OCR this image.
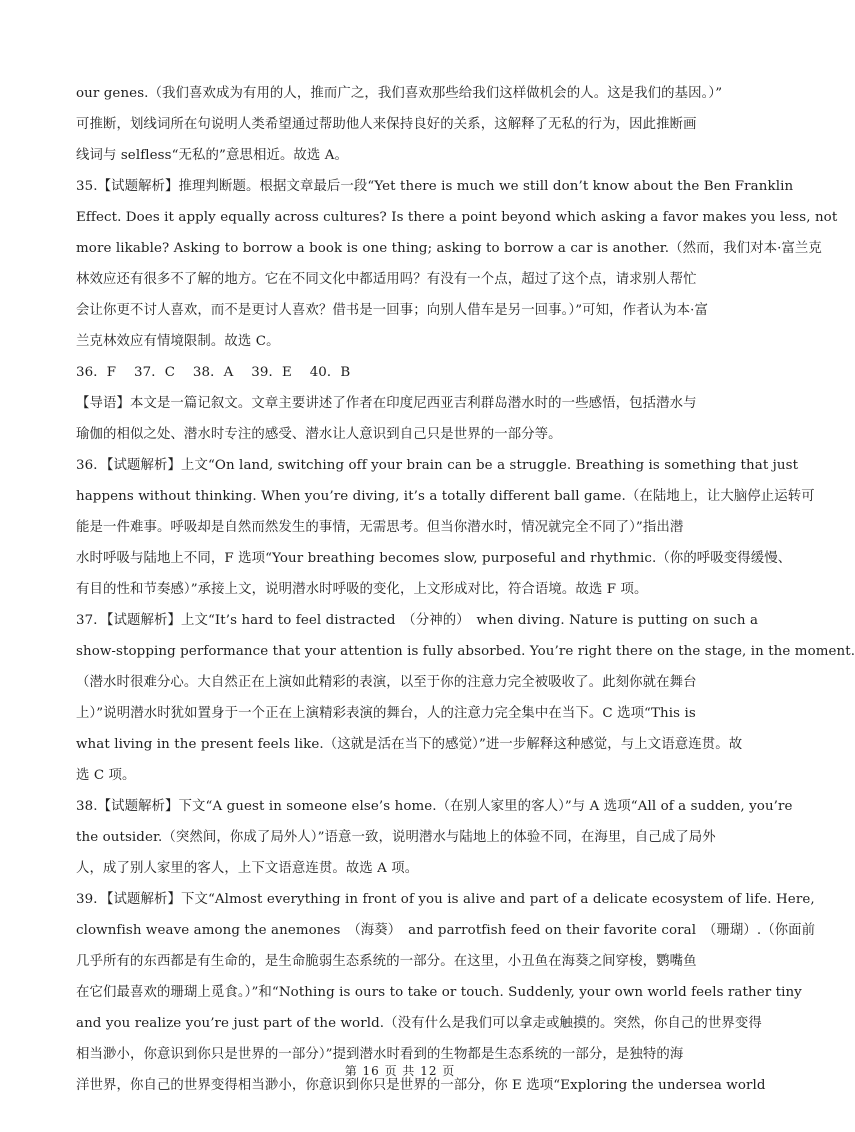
our genes.（我们喜欢成为有用的人，推而广之，我们喜欢那些给我们这样做机会的人。这是我们的基因。）”
可推断，划线词所在句说明人类希望通过帮助他人来保持良好的关系，这解释了无私的行为，因此推断画
线词与 selfless“无私的”意思相近。故选 A。
35.【试题解析】推理判断题。根据文章最后一段“Yet there is much we still don’t know about the Ben Franklin
Effect. Does it apply equally across cultures? Is there a point beyond which asking a favor makes you less, not
more likable? Asking to borrow a book is one thing; asking to borrow a car is another.（然而，我们对本·富兰克
林效应还有很多不了解的地方。它在不同文化中都适用吗？有没有一个点，超过了这个点，请求别人帮忙
会让你更不讨人喜欢，而不是更讨人喜欢？借书是一回事；向别人借车是另一回事。）”可知，作者认为本·富
兰克林效应有情境限制。故选 C。
36．F　 37．C　 38．A　 39．E　 40．B
【导语】本文是一篇记叙文。文章主要讲述了作者在印度尼西亚吉利群岛潜水时的一些感悟，包括潜水与
瑜伽的相似之处、潜水时专注的感受、潜水让人意识到自己只是世界的一部分等。
36．【试题解析】上文“On land, switching off your brain can be a struggle. Breathing is something that just
happens without thinking. When you’re diving, it’s a totally different ball game.（在陆地上，让大脑停止运转可
能是一件难事。呼吸却是自然而然发生的事情，无需思考。但当你潜水时，情况就完全不同了）”指出潜
水时呼吸与陆地上不同，F 选项“Your breathing becomes slow, purposeful and rhythmic.（你的呼吸变得缓慢、
有目的性和节奏感）”承接上文，说明潜水时呼吸的变化，上文形成对比，符合语境。故选 F 项。
37．【试题解析】上文“It’s hard to feel distracted　（分神的）　when diving. Nature is putting on such a
show-stopping performance that your attention is fully absorbed. You’re right there on the stage, in the moment.
（潜水时很难分心。大自然正在上演如此精彩的表演，以至于你的注意力完全被吸收了。此刻你就在舞台
上）”说明潜水时犹如置身于一个正在上演精彩表演的舞台，人的注意力完全集中在当下。C 选项“This is
what living in the present feels like.（这就是活在当下的感觉）”进一步解释这种感觉，与上文语意连贯。故
选 C 项。
38.【试题解析】下文“A guest in someone else’s home.（在别人家里的客人）”与 A 选项“All of a sudden, you’re
the outsider.（突然间，你成了局外人）”语意一致，说明潜水与陆地上的体验不同，在海里，自己成了局外
人，成了别人家里的客人，上下文语意连贯。故选 A 项。
39．【试题解析】下文“Almost everything in front of you is alive and part of a delicate ecosystem of life. Here,
clownfish weave among the anemones　（海葵）　and parrotfish feed on their favorite coral　（珊瑚）.（你面前
几乎所有的东西都是有生命的，是生命脆弱生态系统的一部分。在这里，小丑鱼在海葵之间穿梭，鹦嘴鱼
在它们最喜欢的珊瑚上觅食。）”和“Nothing is ours to take or touch. Suddenly, your own world feels rather tiny
and you realize you’re just part of the world.（没有什么是我们可以拿走或触摸的。突然，你自己的世界变得
相当渺小，你意识到你只是世界的一部分）”提到潜水时看到的生物都是生态系统的一部分，是独特的海
洋世界，你自己的世界变得相当渺小，你意识到你只是世界的一部分，你 E 选项“Exploring the undersea world
第 16 页 共 12 页
